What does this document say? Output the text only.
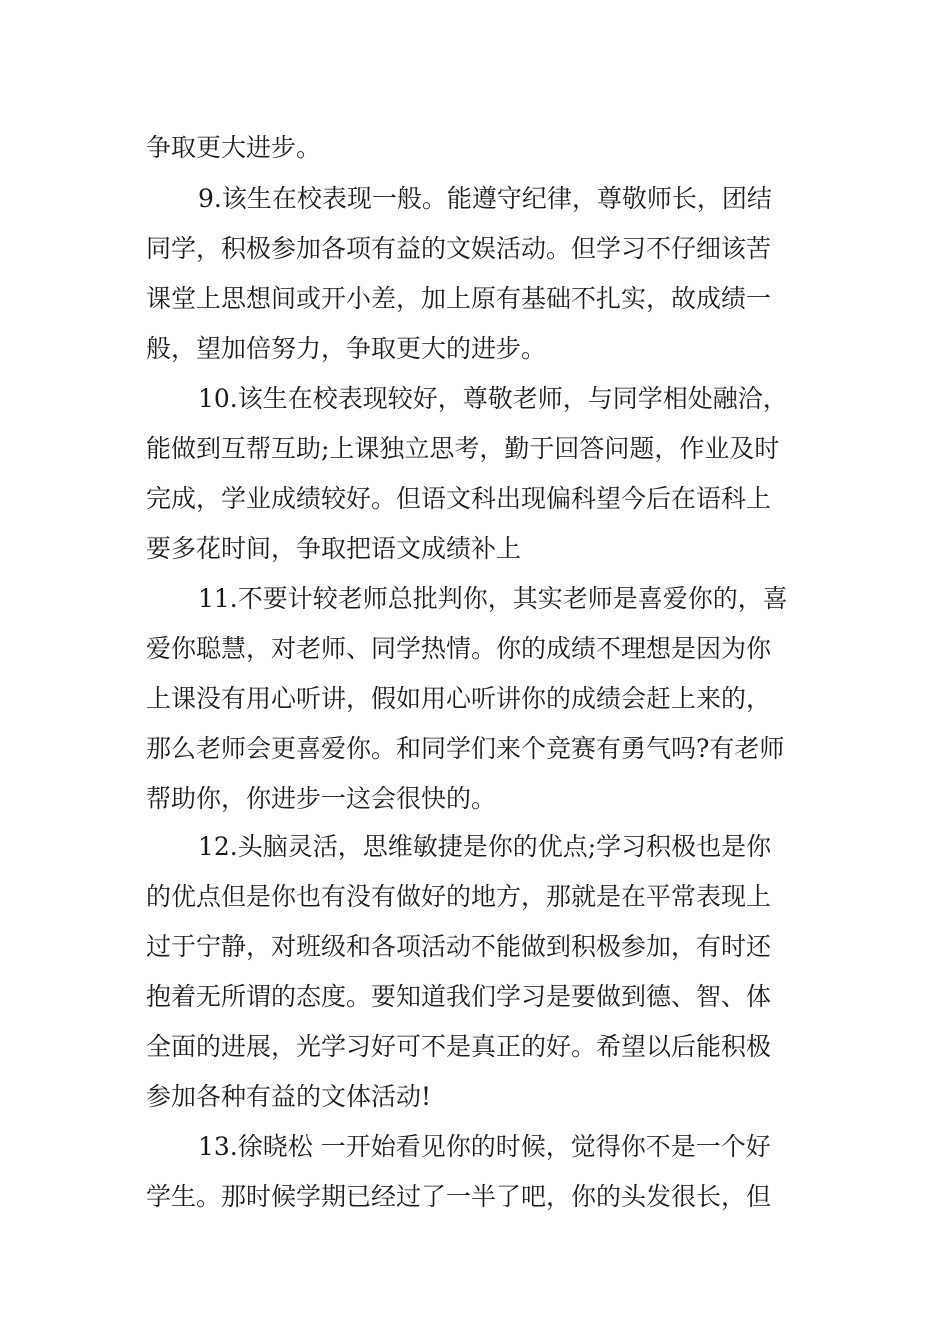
争取更大进步。
9.该生在校表现一般。能遵守纪律，尊敬师长，团结
同学，积极参加各项有益的文娱活动。但学习不仔细该苦
课堂上思想间或开小差，加上原有基础不扎实，故成绩一
般，望加倍努力，争取更大的进步。
10.该生在校表现较好，尊敬老师，与同学相处融洽，
能做到互帮互助;上课独立思考，勤于回答问题，作业及时
完成，学业成绩较好。但语文科出现偏科望今后在语科上
要多花时间，争取把语文成绩补上
11.不要计较老师总批判你，其实老师是喜爱你的，喜
爱你聪慧，对老师、同学热情。你的成绩不理想是因为你
上课没有用心听讲，假如用心听讲你的成绩会赶上来的，
那么老师会更喜爱你。和同学们来个竞赛有勇气吗?有老师
帮助你，你进步一这会很快的。
12.头脑灵活，思维敏捷是你的优点;学习积极也是你
的优点但是你也有没有做好的地方，那就是在平常表现上
过于宁静，对班级和各项活动不能做到积极参加，有时还
抱着无所谓的态度。要知道我们学习是要做到德、智、体
全面的进展，光学习好可不是真正的好。希望以后能积极
参加各种有益的文体活动!
13.徐晓松 一开始看见你的时候，觉得你不是一个好
学生。那时候学期已经过了一半了吧，你的头发很长，但
